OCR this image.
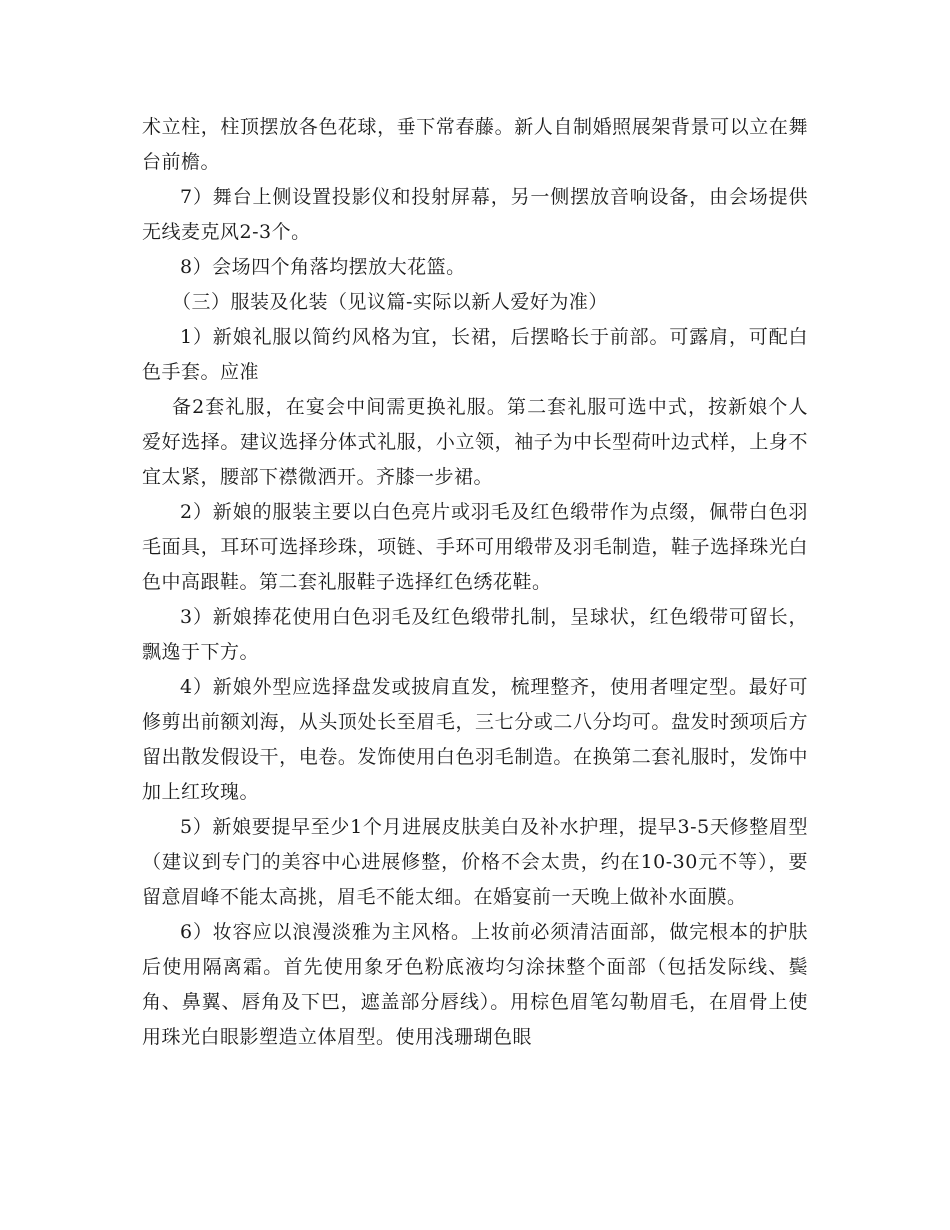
术立柱，柱顶摆放各色花球，垂下常春藤。新人自制婚照展架背景可以立在舞台前檐。

7）舞台上侧设置投影仪和投射屏幕，另一侧摆放音响设备，由会场提供无线麦克风2-3个。

8）会场四个角落均摆放大花篮。

（三）服装及化装（见议篇-实际以新人爱好为准）

1）新娘礼服以简约风格为宜，长裙，后摆略长于前部。可露肩，可配白色手套。应准

备2套礼服，在宴会中间需更换礼服。第二套礼服可选中式，按新娘个人爱好选择。建议选择分体式礼服，小立领，袖子为中长型荷叶边式样，上身不宜太紧，腰部下襟微洒开。齐膝一步裙。

2）新娘的服装主要以白色亮片或羽毛及红色缎带作为点缀，佩带白色羽毛面具，耳环可选择珍珠，项链、手环可用缎带及羽毛制造，鞋子选择珠光白色中高跟鞋。第二套礼服鞋子选择红色绣花鞋。

3）新娘捧花使用白色羽毛及红色缎带扎制，呈球状，红色缎带可留长，飘逸于下方。

4）新娘外型应选择盘发或披肩直发，梳理整齐，使用者哩定型。最好可修剪出前额刘海，从头顶处长至眉毛，三七分或二八分均可。盘发时颈项后方留出散发假设干，电卷。发饰使用白色羽毛制造。在换第二套礼服时，发饰中加上红玫瑰。

5）新娘要提早至少1个月进展皮肤美白及补水护理，提早3-5天修整眉型（建议到专门的美容中心进展修整，价格不会太贵，约在10-30元不等），要留意眉峰不能太高挑，眉毛不能太细。在婚宴前一天晚上做补水面膜。

6）妆容应以浪漫淡雅为主风格。上妆前必须清洁面部，做完根本的护肤后使用隔离霜。首先使用象牙色粉底液均匀涂抹整个面部（包括发际线、鬓角、鼻翼、唇角及下巴，遮盖部分唇线）。用棕色眉笔勾勒眉毛，在眉骨上使用珠光白眼影塑造立体眉型。使用浅珊瑚色眼
